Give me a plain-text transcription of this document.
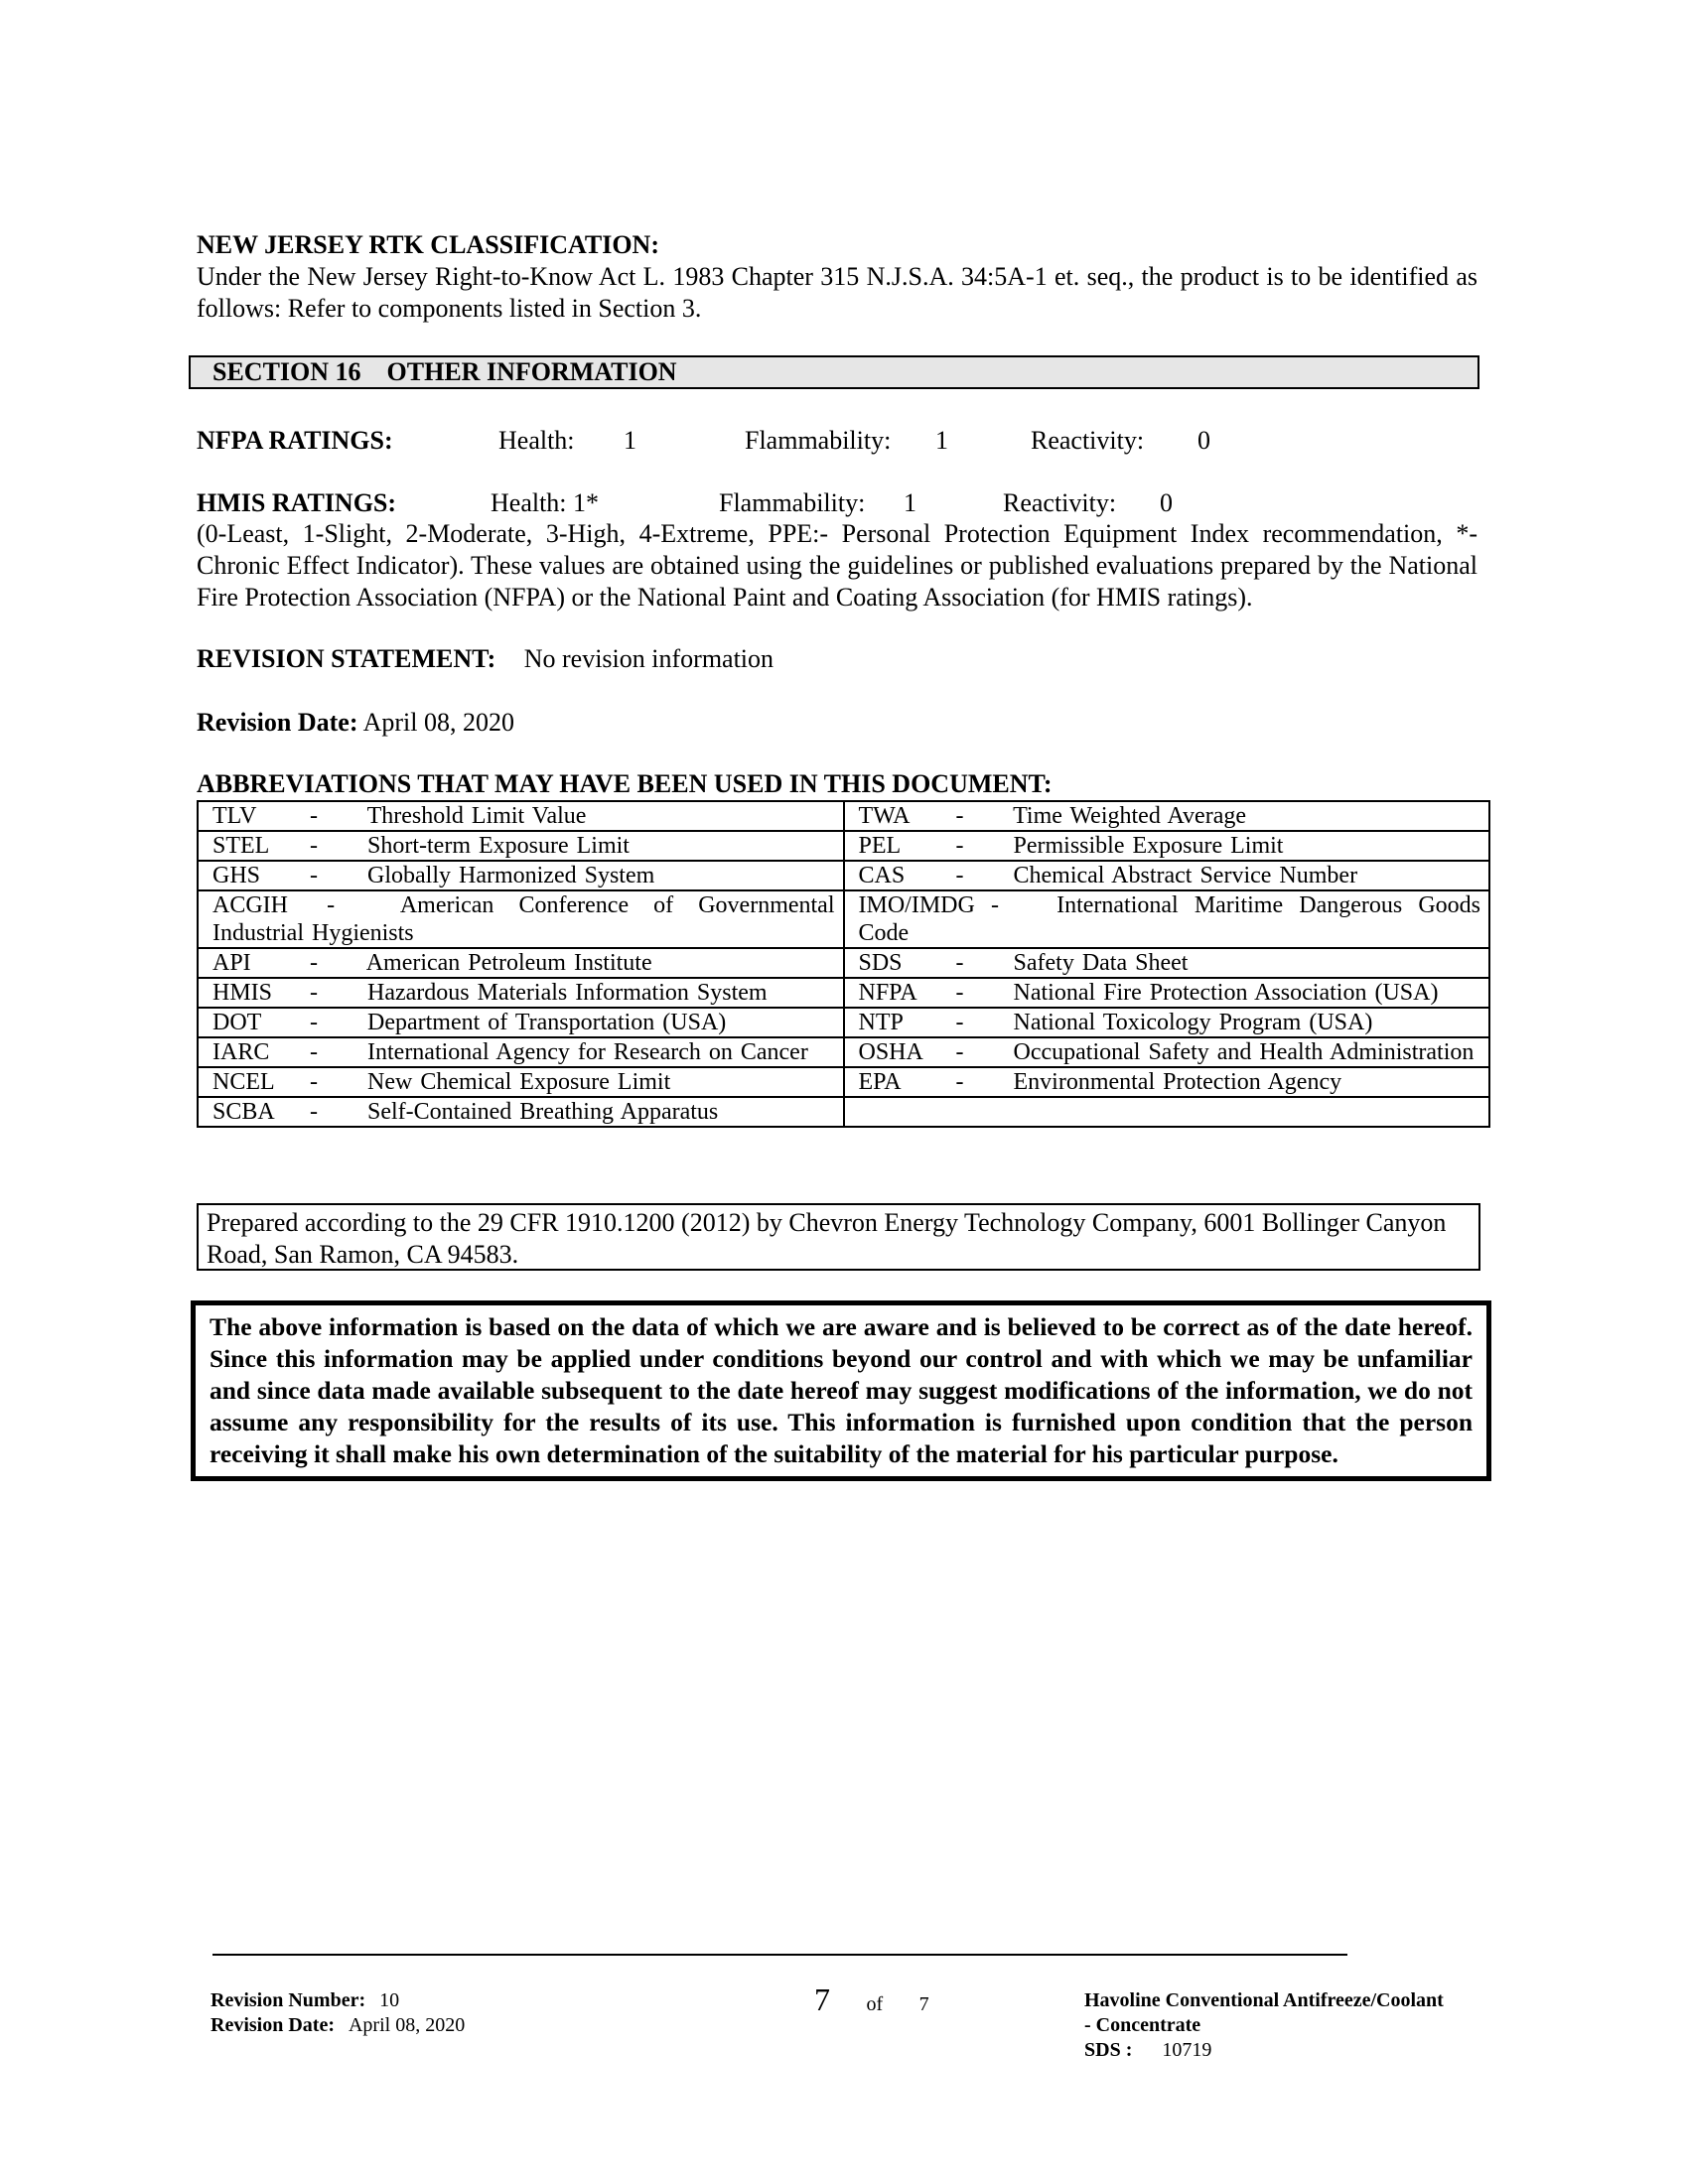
NEW JERSEY RTK CLASSIFICATION:
Under the New Jersey Right-to-Know Act L. 1983 Chapter 315 N.J.S.A. 34:5A-1 et. seq., the product is to be identified as follows: Refer to components listed in Section 3.
SECTION 16    OTHER INFORMATION
NFPA RATINGS:	Health: 1	Flammability: 1	Reactivity: 0
HMIS RATINGS:	Health: 1*	Flammability: 1	Reactivity: 0
(0-Least, 1-Slight, 2-Moderate, 3-High, 4-Extreme, PPE:- Personal Protection Equipment Index recommendation, *- Chronic Effect Indicator). These values are obtained using the guidelines or published evaluations prepared by the National Fire Protection Association (NFPA) or the National Paint and Coating Association (for HMIS ratings).
REVISION STATEMENT: No revision information
Revision Date: April 08, 2020
ABBREVIATIONS THAT MAY HAVE BEEN USED IN THIS DOCUMENT:
TLV - Threshold Limit Value	TWA - Time Weighted Average
STEL - Short-term Exposure Limit	PEL - Permissible Exposure Limit
GHS - Globally Harmonized System	CAS - Chemical Abstract Service Number
ACGIH - American Conference of Governmental Industrial Hygienists	IMO/IMDG - International Maritime Dangerous Goods Code
API - American Petroleum Institute	SDS - Safety Data Sheet
HMIS - Hazardous Materials Information System	NFPA - National Fire Protection Association (USA)
DOT - Department of Transportation (USA)	NTP - National Toxicology Program (USA)
IARC - International Agency for Research on Cancer	OSHA - Occupational Safety and Health Administration
NCEL - New Chemical Exposure Limit	EPA - Environmental Protection Agency
SCBA - Self-Contained Breathing Apparatus	
Prepared according to the 29 CFR 1910.1200 (2012) by Chevron Energy Technology Company, 6001 Bollinger Canyon Road, San Ramon, CA 94583.
The above information is based on the data of which we are aware and is believed to be correct as of the date hereof. Since this information may be applied under conditions beyond our control and with which we may be unfamiliar and since data made available subsequent to the date hereof may suggest modifications of the information, we do not assume any responsibility for the results of its use. This information is furnished upon condition that the person receiving it shall make his own determination of the suitability of the material for his particular purpose.
Revision Number: 10
Revision Date: April 08, 2020
7 of 7	Havoline Conventional Antifreeze/Coolant
- Concentrate
SDS : 10719
